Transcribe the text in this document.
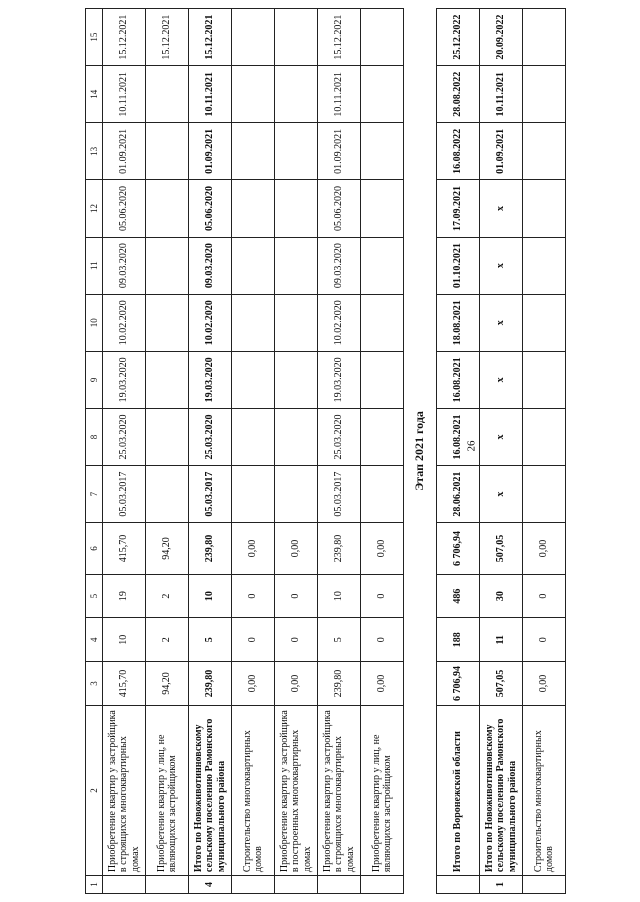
26
1	2	3	4	5	6	7	8	9	10	11	12	13	14	15
	Приобретение квартир у застройщика в строящихся многоквартирных домах	415,70	10	19	415,70	05.03.2017	25.03.2020	19.03.2020	10.02.2020	09.03.2020	05.06.2020	01.09.2021	10.11.2021	15.12.2021
	Приобретение квартир у лиц, не являющихся застройщиком	94,20	2	2	94,20									15.12.2021
4	Итого по Новоживотинновскому сельскому поселению Рамонского муниципального района	239,80	5	10	239,80	05.03.2017	25.03.2020	19.03.2020	10.02.2020	09.03.2020	05.06.2020	01.09.2021	10.11.2021	15.12.2021
	Строительство многоквартирных домов	0,00	0	0	0,00									
	Приобретение квартир у застройщика в построенных многоквартирных домах	0,00	0	0	0,00									
	Приобретение квартир у застройщика в строящихся многоквартирных домах	239,80	5	10	239,80	05.03.2017	25.03.2020	19.03.2020	10.02.2020	09.03.2020	05.06.2020	01.09.2021	10.11.2021	15.12.2021
	Приобретение квартир у лиц, не являющихся застройщиком	0,00	0	0	0,00									
Этап 2021 года														
	Итого по Воронежской области	6 706,94	188	486	6 706,94	28.06.2021	16.08.2021	16.08.2021	18.08.2021	01.10.2021	17.09.2021	16.08.2022	28.08.2022	25.12.2022
1	Итого по Новоживотинновскому сельскому поселению Рамонского муниципального района	507,05	11	30	507,05	x	x	x	x	x	x	01.09.2021	10.11.2021	20.09.2022
	Строительство многоквартирных домов	0,00	0	0	0,00									
